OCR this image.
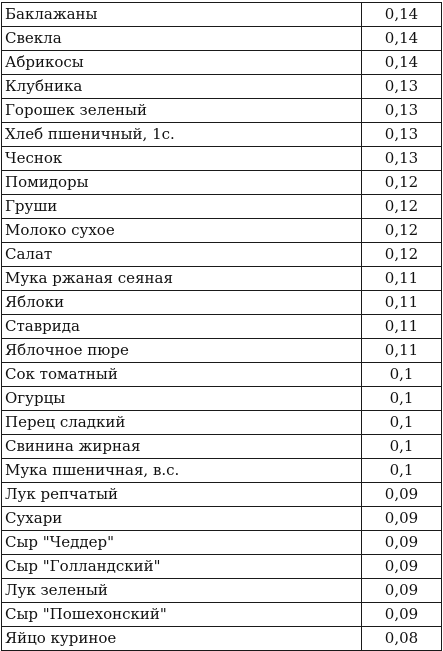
Баклажаны	0,14
Свекла	0,14
Абрикосы	0,14
Клубника	0,13
Горошек зеленый	0,13
Хлеб пшеничный, 1с.	0,13
Чеснок	0,13
Помидоры	0,12
Груши	0,12
Молоко сухое	0,12
Салат	0,12
Мука ржаная сеяная	0,11
Яблоки	0,11
Ставрида	0,11
Яблочное пюре	0,11
Сок томатный	0,1
Огурцы	0,1
Перец сладкий	0,1
Свинина жирная	0,1
Мука пшеничная, в.с.	0,1
Лук репчатый	0,09
Сухари	0,09
Сыр "Чеддер"	0,09
Сыр "Голландский"	0,09
Лук зеленый	0,09
Сыр "Пошехонский"	0,09
Яйцо куриное	0,08
